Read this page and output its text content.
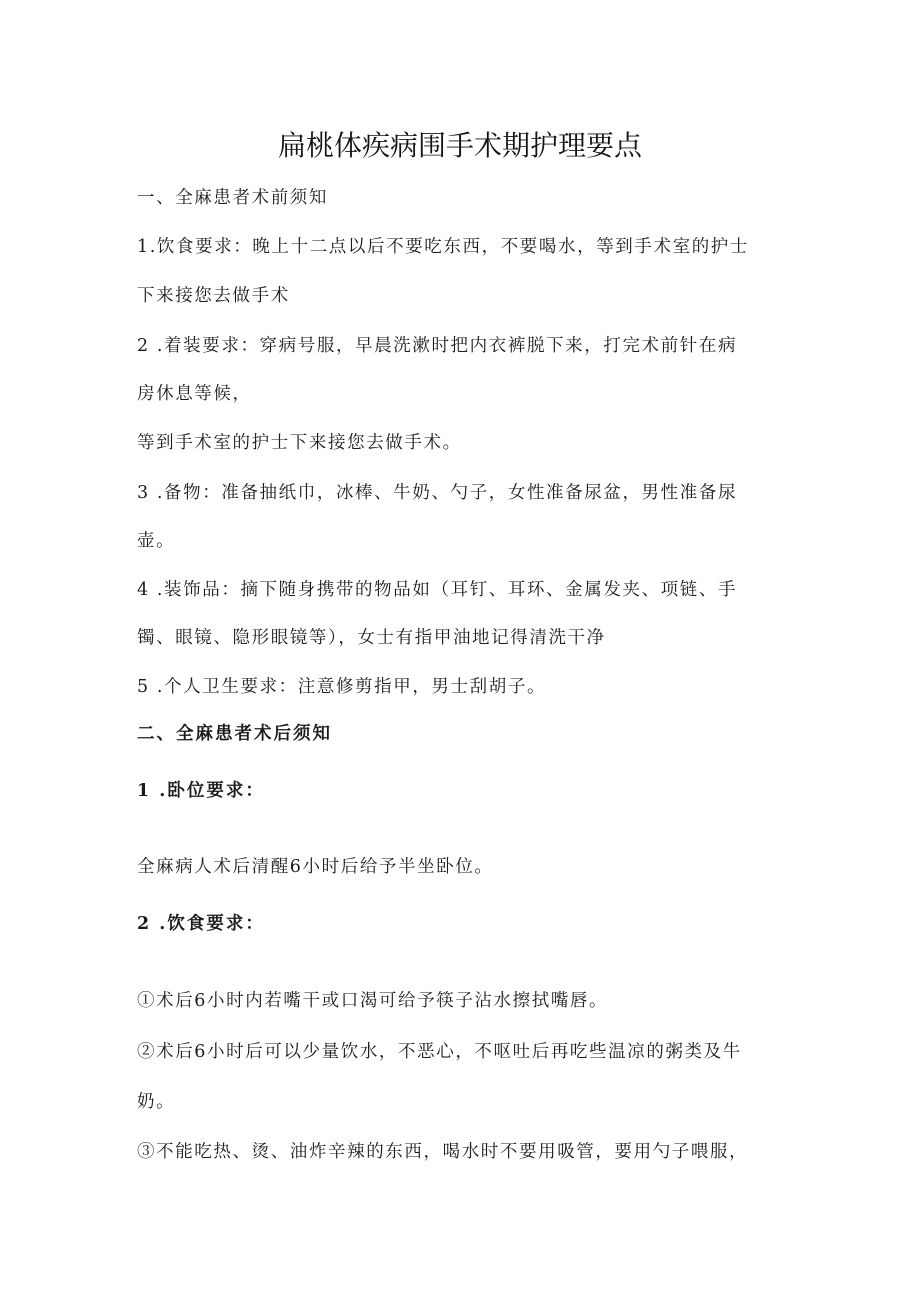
扁桃体疾病围手术期护理要点
一、全麻患者术前须知
1.饮食要求：晚上十二点以后不要吃东西，不要喝水，等到手术室的护士
下来接您去做手术
2 .着装要求：穿病号服，早晨洗漱时把内衣裤脱下来，打完术前针在病
房休息等候，
等到手术室的护士下来接您去做手术。
3 .备物：准备抽纸巾，冰棒、牛奶、勺子，女性准备尿盆，男性准备尿
壶。
4 .装饰品：摘下随身携带的物品如（耳钉、耳环、金属发夹、项链、手
镯、眼镜、隐形眼镜等），女士有指甲油地记得清洗干净
5 .个人卫生要求：注意修剪指甲，男士刮胡子。
二、全麻患者术后须知
1 .卧位要求：
全麻病人术后清醒6小时后给予半坐卧位。
2 .饮食要求：
①术后6小时内若嘴干或口渴可给予筷子沾水擦拭嘴唇。
②术后6小时后可以少量饮水，不恶心，不呕吐后再吃些温凉的粥类及牛
奶。
③不能吃热、烫、油炸辛辣的东西，喝水时不要用吸管，要用勺子喂服，
